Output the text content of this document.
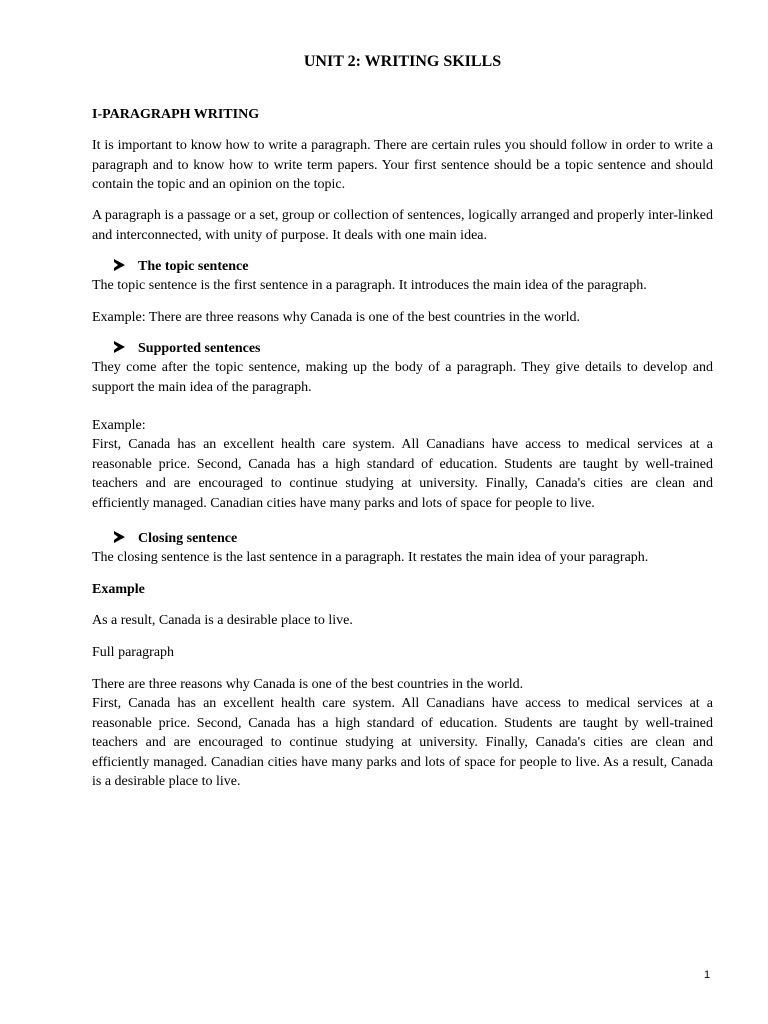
UNIT 2: WRITING SKILLS
I-PARAGRAPH WRITING

It is important to know how to write a paragraph. There are certain rules you should follow in order to write a paragraph and to know how to write term papers. Your first sentence should be a topic sentence and should contain the topic and an opinion on the topic.

A paragraph is a passage or a set, group or collection of sentences, logically arranged and properly inter-linked and interconnected, with unity of purpose. It deals with one main idea.

The topic sentence
The topic sentence is the first sentence in a paragraph. It introduces the main idea of the paragraph.
Example: There are three reasons why Canada is one of the best countries in the world.
Supported sentences

They come after the topic sentence, making up the body of a paragraph. They give details to develop and support the main idea of the paragraph.

Example:

First, Canada has an excellent health care system. All Canadians have access to medical services at a reasonable price. Second, Canada has a high standard of education. Students are taught by well-trained teachers and are encouraged to continue studying at university. Finally, Canada's cities are clean and efficiently managed. Canadian cities have many parks and lots of space for people to live.

Closing sentence
The closing sentence is the last sentence in a paragraph. It restates the main idea of your paragraph.
Example
As a result, Canada is a desirable place to live.
Full paragraph
There are three reasons why Canada is one of the best countries in the world.

First, Canada has an excellent health care system. All Canadians have access to medical services at a reasonable price. Second, Canada has a high standard of education. Students are taught by well-trained teachers and are encouraged to continue studying at university. Finally, Canada's cities are clean and efficiently managed. Canadian cities have many parks and lots of space for people to live. As a result, Canada is a desirable place to live.

1
